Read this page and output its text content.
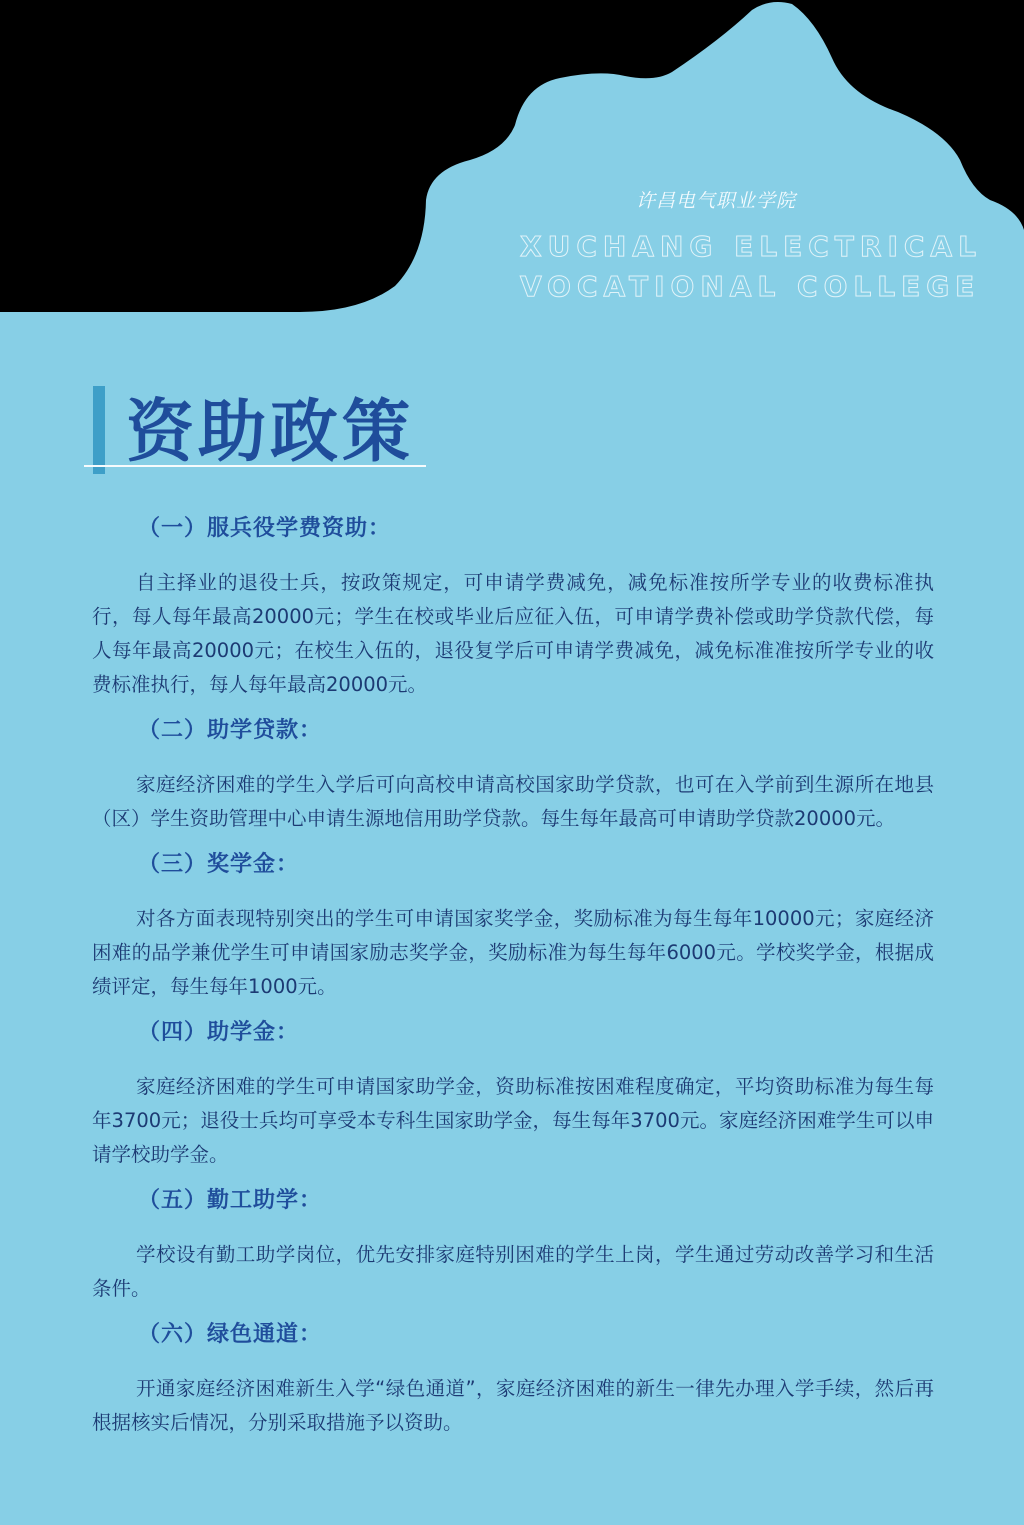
许昌电气职业学院
XUCHANG ELECTRICAL
VOCATIONAL COLLEGE
资助政策
（一）服兵役学费资助：

自主择业的退役士兵，按政策规定，可申请学费减免，减免标准按所学专业的收费标准执行，每人每年最高20000元；学生在校或毕业后应征入伍，可申请学费补偿或助学贷款代偿，每人每年最高20000元；在校生入伍的，退役复学后可申请学费减免，减免标准准按所学专业的收费标准执行，每人每年最高20000元。

（二）助学贷款：

家庭经济困难的学生入学后可向高校申请高校国家助学贷款，也可在入学前到生源所在地县（区）学生资助管理中心申请生源地信用助学贷款。每生每年最高可申请助学贷款20000元。

（三）奖学金：

对各方面表现特别突出的学生可申请国家奖学金，奖励标准为每生每年10000元；家庭经济困难的品学兼优学生可申请国家励志奖学金，奖励标准为每生每年6000元。学校奖学金，根据成绩评定，每生每年1000元。

（四）助学金：

家庭经济困难的学生可申请国家助学金，资助标准按困难程度确定，平均资助标准为每生每年3700元；退役士兵均可享受本专科生国家助学金，每生每年3700元。家庭经济困难学生可以申请学校助学金。

（五）勤工助学：

学校设有勤工助学岗位，优先安排家庭特别困难的学生上岗，学生通过劳动改善学习和生活条件。

（六）绿色通道：

开通家庭经济困难新生入学“绿色通道”，家庭经济困难的新生一律先办理入学手续，然后再根据核实后情况，分别采取措施予以资助。
